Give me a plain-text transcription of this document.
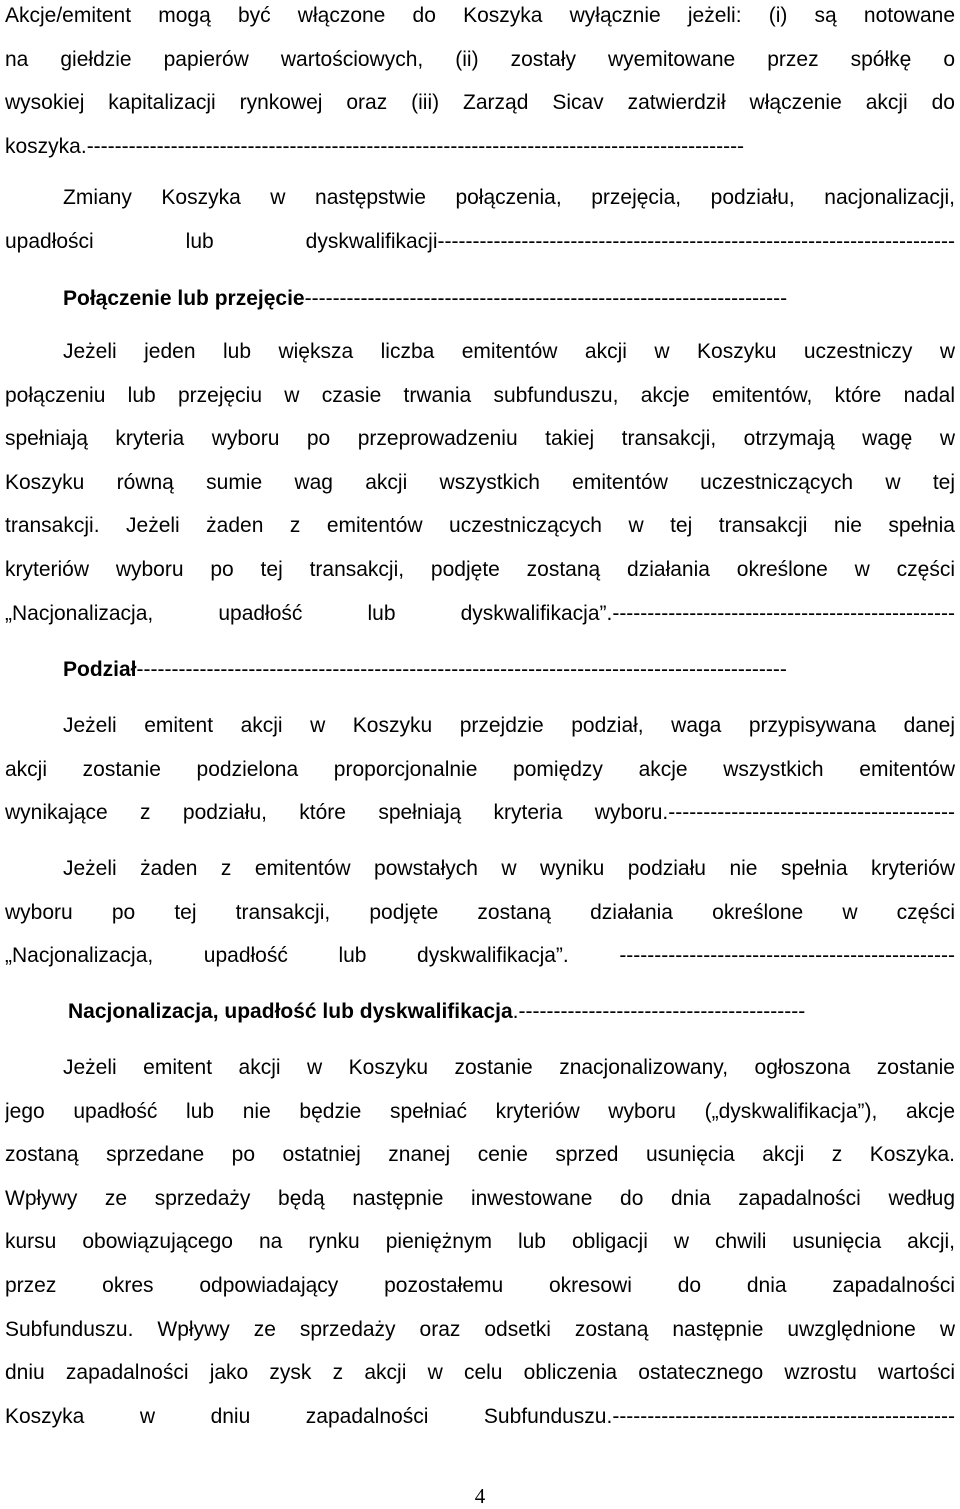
Akcje/emitent mogą być włączone do Koszyka wyłącznie jeżeli: (i) są notowane
na giełdzie papierów wartościowych, (ii) zostały wyemitowane przez spółkę o
wysokiej kapitalizacji rynkowej oraz (iii) Zarząd Sicav zatwierdził włączenie akcji do
koszyka.----------------------------------------------------------------------------------------------
Zmiany Koszyka w następstwie połączenia, przejęcia, podziału, nacjonalizacji,
upadłości lub dyskwalifikacji--------------------------------------------------------------------------
Połączenie lub przejęcie---------------------------------------------------------------------
Jeżeli jeden lub większa liczba emitentów akcji w Koszyku uczestniczy w
połączeniu lub przejęciu w czasie trwania subfunduszu, akcje emitentów, które nadal
spełniają kryteria wyboru po przeprowadzeniu takiej transakcji, otrzymają wagę w
Koszyku równą sumie wag akcji wszystkich emitentów uczestniczących w tej
transakcji. Jeżeli żaden z emitentów uczestniczących w tej transakcji nie spełnia
kryteriów wyboru po tej transakcji, podjęte zostaną działania określone w części
„Nacjonalizacja, upadłość lub dyskwalifikacja”.-------------------------------------------------
Podział---------------------------------------------------------------------------------------------
Jeżeli emitent akcji w Koszyku przejdzie podział, waga przypisywana danej
akcji zostanie podzielona proporcjonalnie pomiędzy akcje wszystkich emitentów
wynikające z podziału, które spełniają kryteria wyboru.-----------------------------------------
Jeżeli żaden z emitentów powstałych w wyniku podziału nie spełnia kryteriów
wyboru po tej transakcji, podjęte zostaną działania określone w części
„Nacjonalizacja, upadłość lub dyskwalifikacja”. ------------------------------------------------
Nacjonalizacja, upadłość lub dyskwalifikacja.-----------------------------------------
Jeżeli emitent akcji w Koszyku zostanie znacjonalizowany, ogłoszona zostanie
jego upadłość lub nie będzie spełniać kryteriów wyboru („dyskwalifikacja”), akcje
zostaną sprzedane po ostatniej znanej cenie sprzed usunięcia akcji z Koszyka.
Wpływy ze sprzedaży będą następnie inwestowane do dnia zapadalności według
kursu obowiązującego na rynku pieniężnym lub obligacji w chwili usunięcia akcji,
przez okres odpowiadający pozostałemu okresowi do dnia zapadalności
Subfunduszu. Wpływy ze sprzedaży oraz odsetki zostaną następnie uwzględnione w
dniu zapadalności jako zysk z akcji w celu obliczenia ostatecznego wzrostu wartości
Koszyka w dniu zapadalności Subfunduszu.-------------------------------------------------
4
